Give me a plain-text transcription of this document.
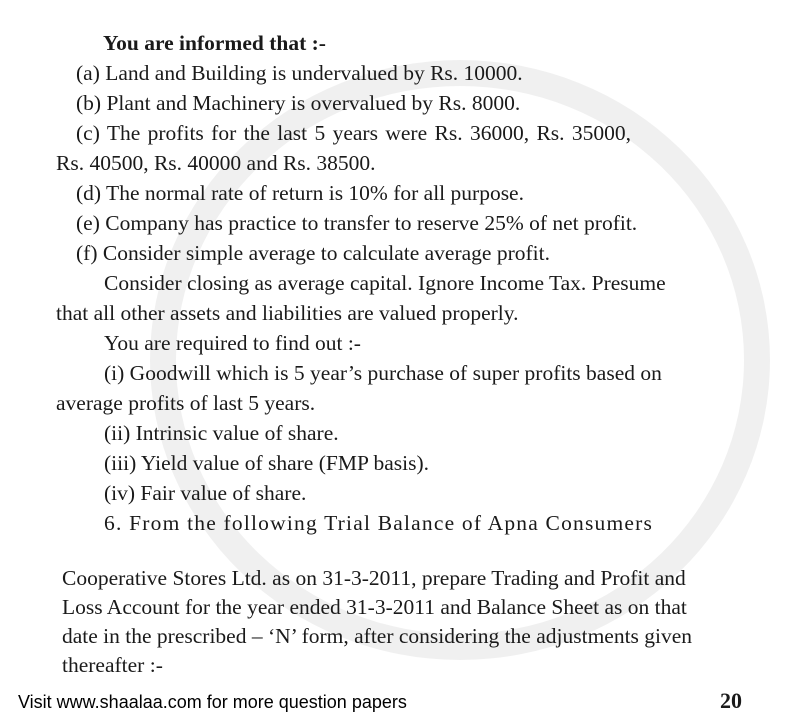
You are informed that :-
(a) Land and Building is undervalued by Rs. 10000.
(b) Plant and Machinery is overvalued by Rs. 8000.
(c) The profits for the last 5 years were Rs. 36000, Rs. 35000,
Rs. 40500, Rs. 40000 and Rs. 38500.
(d) The normal rate of return is 10% for all purpose.
(e) Company has practice to transfer to reserve 25% of net profit.
(f) Consider simple average to calculate average profit.
Consider closing as average capital. Ignore Income Tax. Presume
that all other assets and liabilities are valued properly.
You are required to find out :-
(i) Goodwill which is 5 year’s purchase of super profits based on
average profits of last 5 years.
(ii) Intrinsic value of share.
(iii) Yield value of share (FMP basis).
(iv) Fair value of share.
6. From the following Trial Balance of Apna Consumers
Cooperative Stores Ltd. as on 31-3-2011, prepare Trading and Profit and
Loss Account for the year ended 31-3-2011 and Balance Sheet as on that
date in the prescribed – ‘N’ form, after considering the adjustments given
thereafter :-
Visit www.shaalaa.com for more question papers	20
